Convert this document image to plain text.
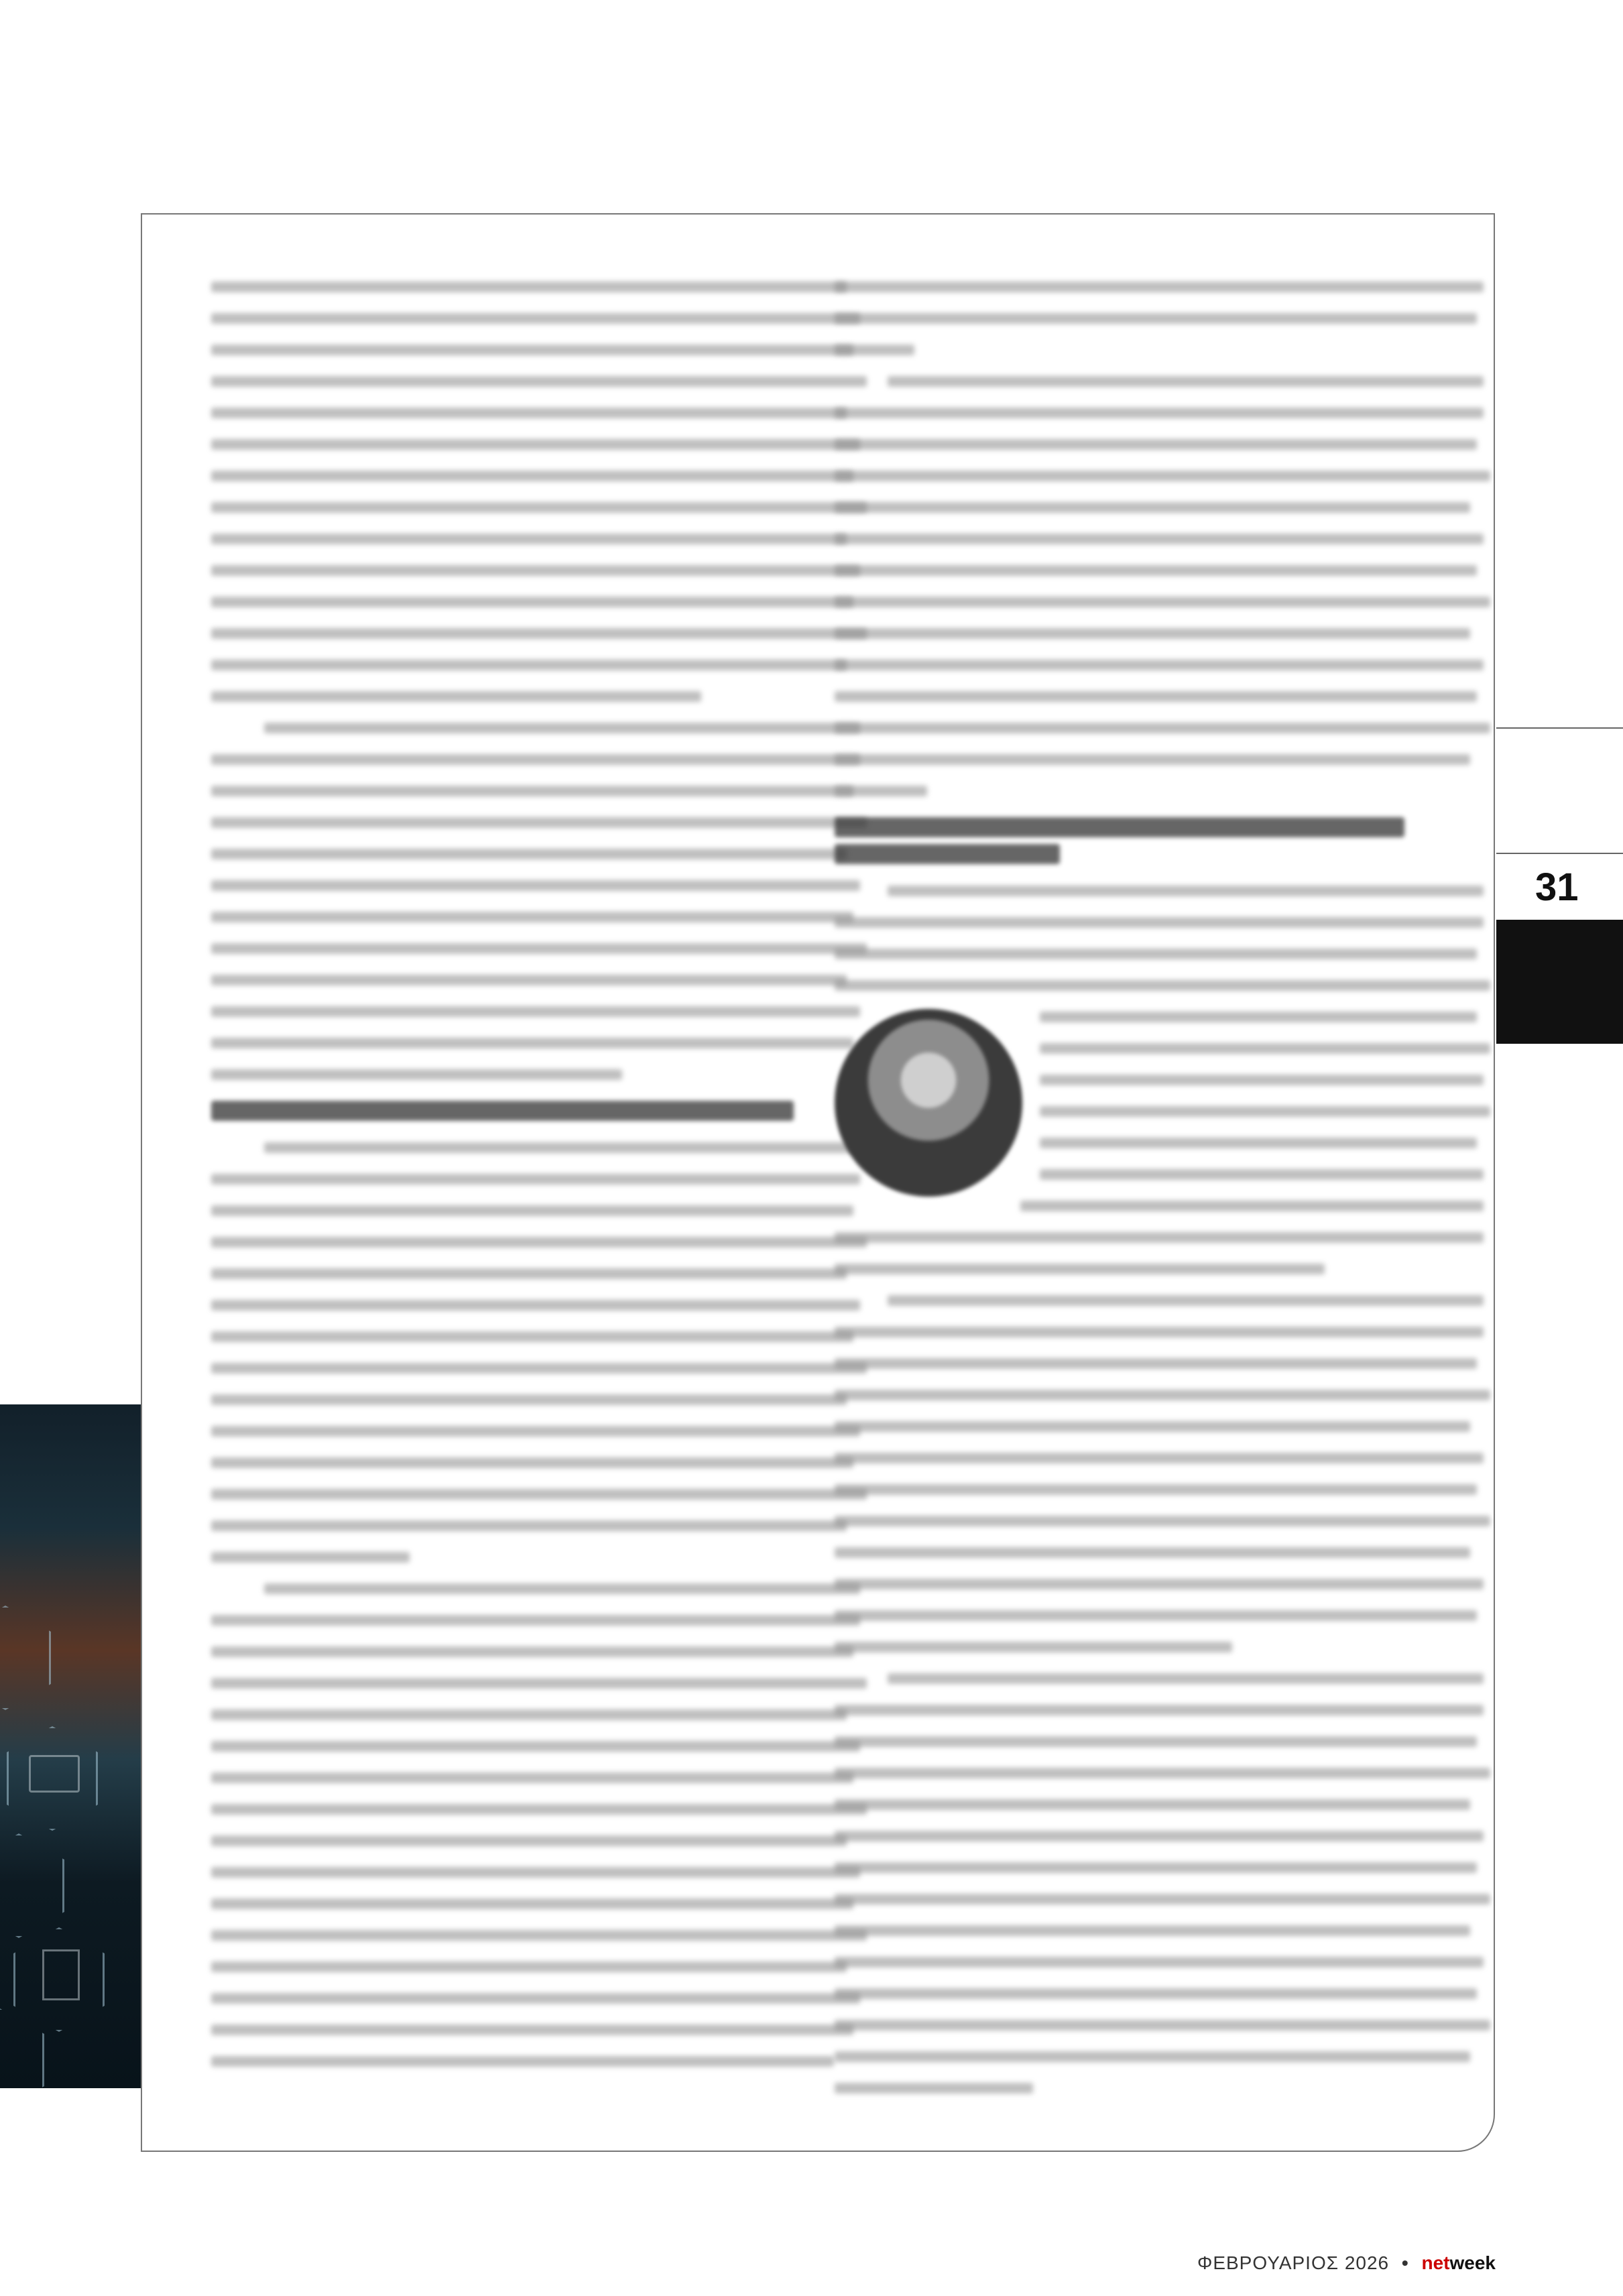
31
ΦΕΒΡΟΥΑΡΙΟΣ 2026 • netweek
